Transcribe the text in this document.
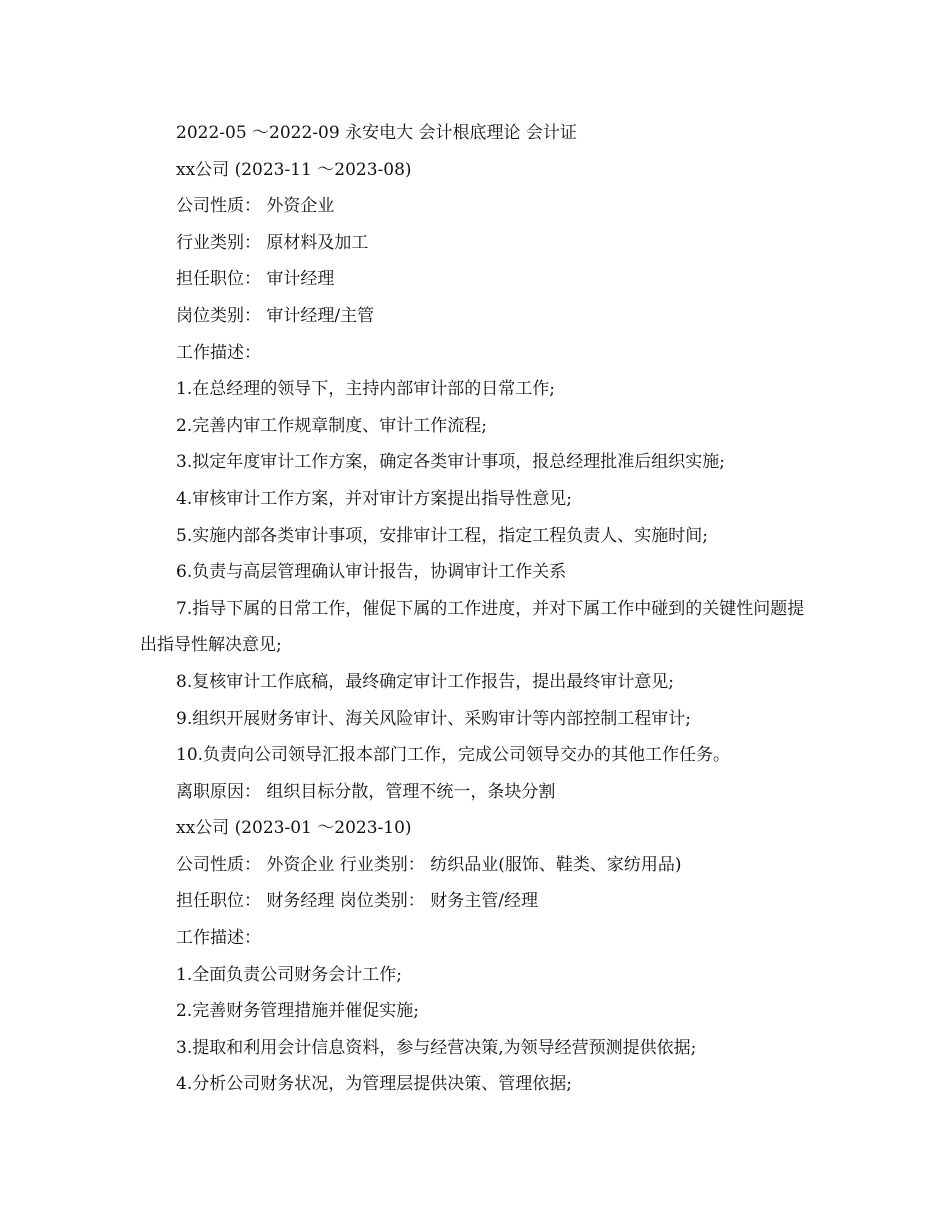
2022-05 ～2022-09 永安电大 会计根底理论 会计证
xx公司 (2023-11 ～2023-08)
公司性质： 外资企业
行业类别： 原材料及加工
担任职位： 审计经理
岗位类别： 审计经理/主管
工作描述：
1.在总经理的领导下，主持内部审计部的日常工作;
2.完善内审工作规章制度、审计工作流程;
3.拟定年度审计工作方案，确定各类审计事项，报总经理批准后组织实施;
4.审核审计工作方案，并对审计方案提出指导性意见;
5.实施内部各类审计事项，安排审计工程，指定工程负责人、实施时间;
6.负责与高层管理确认审计报告，协调审计工作关系
7.指导下属的日常工作，催促下属的工作进度，并对下属工作中碰到的关键性问题提出指导性解决意见;
8.复核审计工作底稿，最终确定审计工作报告，提出最终审计意见;
9.组织开展财务审计、海关风险审计、采购审计等内部控制工程审计;
10.负责向公司领导汇报本部门工作，完成公司领导交办的其他工作任务。
离职原因： 组织目标分散，管理不统一，条块分割
xx公司 (2023-01 ～2023-10)
公司性质： 外资企业 行业类别： 纺织品业(服饰、鞋类、家纺用品)
担任职位： 财务经理 岗位类别： 财务主管/经理
工作描述：
1.全面负责公司财务会计工作;
2.完善财务管理措施并催促实施;
3.提取和利用会计信息资料，参与经营决策,为领导经营预测提供依据;
4.分析公司财务状况，为管理层提供决策、管理依据;
